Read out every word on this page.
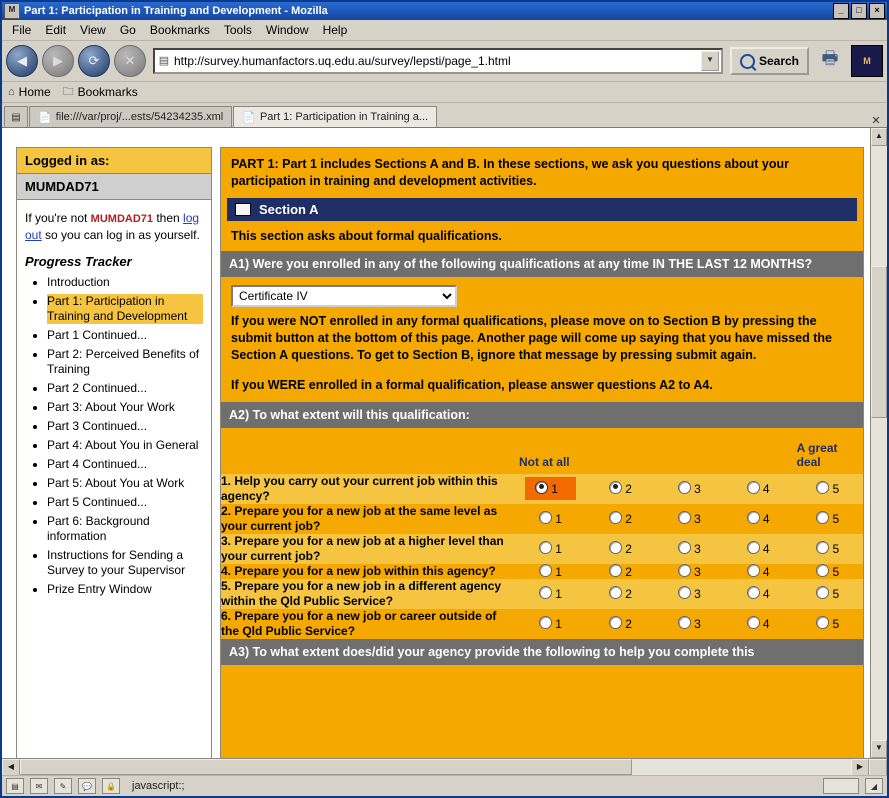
M Part 1: Participation in Training and Development - Mozilla	_	□	×
File	Edit	View	Go	Bookmarks	Tools	Window	Help
◀	▶	⟳	✕	▤ http://survey.humanfactors.uq.edu.au/survey/lepsti/page_1.html	▼	Search	🖶	M
⌂ Home 🗀 Bookmarks
▤	📄 file:///var/proj/...ests/54234235.xml 📄 Part 1: Participation in Training a...	✕
Logged in as:
MUMDAD71
If you're not MUMDAD71 then log out so you can log in as yourself.
Progress Tracker
• Introduction
• Part 1: Participation in Training and Development
• Part 1 Continued...
• Part 2: Perceived Benefits of Training
• Part 2 Continued...
• Part 3: About Your Work
• Part 3 Continued...
• Part 4: About You in General
• Part 4 Continued...
• Part 5: About You at Work
• Part 5 Continued...
• Part 6: Background information
• Instructions for Sending a Survey to your Supervisor
• Prize Entry Window
PART 1: Part 1 includes Sections A and B. In these sections, we ask you questions about your participation in training and development activities.
Section A
This section asks about formal qualifications.
A1) Were you enrolled in any of the following qualifications at any time IN THE LAST 12 MONTHS?
Certificate IV
If you were NOT enrolled in any formal qualifications, please move on to Section B by pressing the submit button at the bottom of this page. Another page will come up saying that you have missed the Section A questions. To get to Section B, ignore that message by pressing submit again.
If you WERE enrolled in a formal qualification, please answer questions A2 to A4.
A2) To what extent will this qualification:

	Not at all				A great deal

1. Help you carry out your current job within this agency?	1	2	3	4	5
2. Prepare you for a new job at the same level as your current job?	1	2	3	4	5
3. Prepare you for a new job at a higher level than your current job?	1	2	3	4	5
4. Prepare you for a new job within this agency?	1	2	3	4	5
5. Prepare you for a new job in a different agency within the Qld Public Service?	1	2	3	4	5
6. Prepare you for a new job or career outside of the Qld Public Service?	1	2	3	4	5
A3) To what extent does/did your agency provide the following to help you complete this
▲
▼
◀	▶
▤	✉	✎	💬	🔒	javascript:;	◢
